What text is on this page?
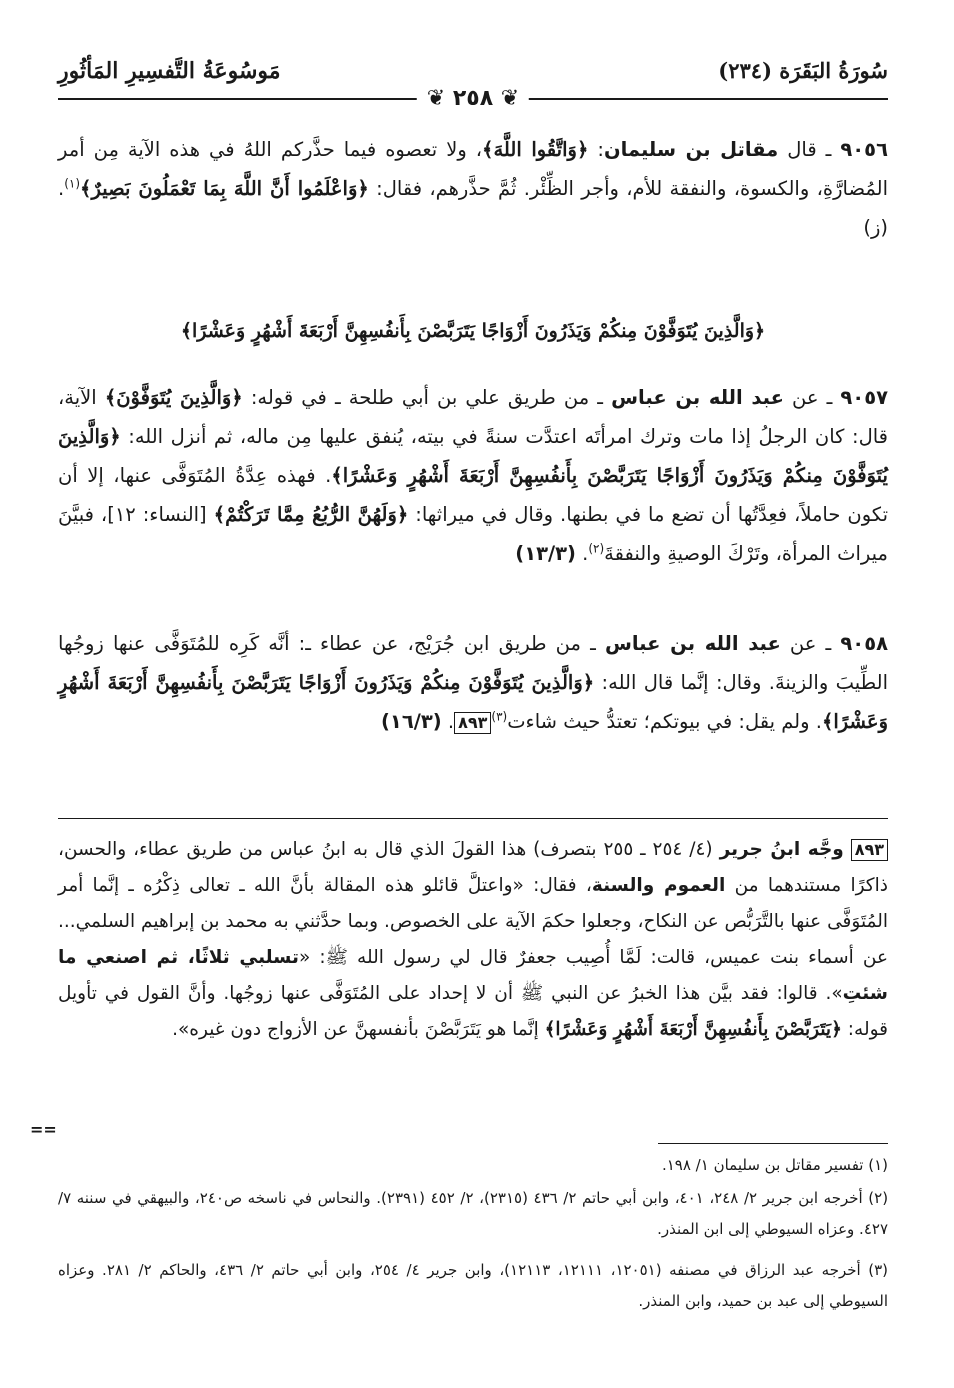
سُورَةُ البَقَرَة (٢٣٤)
مَوسُوعَةُ التَّفسِيرِ المَأثُورِ
❦ ٢٥٨ ❦
٩٠٥٦ ـ قال مقاتل بن سليمان: ﴿وَاتَّقُوا اللَّهَ﴾، ولا تعصوه فيما حذَّركم اللهُ في هذه الآية مِن أمر المُضارَّةِ، والكسوة، والنفقة للأم، وأجر الظِّئْر. ثُمَّ حذَّرهم، فقال: ﴿وَاعْلَمُوا أَنَّ اللَّهَ بِمَا تَعْمَلُونَ بَصِيرٌ﴾$^{(١)}$. (ز)
﴿وَالَّذِينَ يُتَوَفَّوْنَ مِنكُمْ وَيَذَرُونَ أَزْوَاجًا يَتَرَبَّصْنَ بِأَنفُسِهِنَّ أَرْبَعَةَ أَشْهُرٍ وَعَشْرًا﴾
٩٠٥٧ ـ عن عبد الله بن عباس ـ من طريق علي بن أبي طلحة ـ في قوله: ﴿وَالَّذِينَ يُتَوَفَّوْنَ﴾ الآية، قال: كان الرجلُ إذا مات وترك امرأتَه اعتدَّت سنةً في بيته، يُنفق عليها مِن ماله، ثم أنزل الله: ﴿وَالَّذِينَ يُتَوَفَّوْنَ مِنكُمْ وَيَذَرُونَ أَزْوَاجًا يَتَرَبَّصْنَ بِأَنفُسِهِنَّ أَرْبَعَةَ أَشْهُرٍ وَعَشْرًا﴾. فهذه عِدَّةُ المُتَوَفَّى عنها، إلا أن تكون حاملاً، فعِدَّتُها أن تضع ما في بطنها. وقال في ميراثها: ﴿وَلَهُنَّ الرُّبُعُ مِمَّا تَرَكْتُمْ﴾ [النساء: ١٢]، فبيَّنَ ميراث المرأة، وتَرْكَ الوصيةِ والنفقةَ$^{(٢)}$. (١٣/٣)
٩٠٥٨ ـ عن عبد الله بن عباس ـ من طريق ابن جُرَيْج، عن عطاء ـ: أنَّه كَرِه للمُتَوَفَّى عنها زوجُها الطِّيبَ والزينةَ. وقال: إنَّما قال الله: ﴿وَالَّذِينَ يُتَوَفَّوْنَ مِنكُمْ وَيَذَرُونَ أَزْوَاجًا يَتَرَبَّصْنَ بِأَنفُسِهِنَّ أَرْبَعَةَ أَشْهُرٍ وَعَشْرًا﴾. ولم يقل: في بيوتكم؛ تعتدُّ حيث شاءت$^{(٣)}$٨٩٣. (١٦/٣)
٨٩٣ وجَّه ابنُ جرير (٤/ ٢٥٤ ـ ٢٥٥ بتصرف) هذا القولَ الذي قال به ابنُ عباس من طريق عطاء، والحسن، ذاكرًا مستندهما من العموم والسنة، فقال: «واعتلَّ قائلو هذه المقالة بأنَّ الله ـ تعالى ذِكْرُه ـ إنَّما أمر المُتَوَفَّى عنها بالتَّرَبُّص عن النكاح، وجعلوا حكمَ الآية على الخصوص. وبما حدَّثني به محمد بن إبراهيم السلمي... عن أسماء بنت عميس، قالت: لَمَّا أُصِيب جعفرٌ قال لي رسول الله ﷺ: «تسلبي ثلاثًا، ثم اصنعي ما شئتِ». قالوا: فقد بيَّن هذا الخبرُ عن النبي ﷺ أن لا إحداد على المُتَوَفَّى عنها زوجُها. وأنَّ القول في تأويل قوله: ﴿يَتَرَبَّصْنَ بِأَنفُسِهِنَّ أَرْبَعَةَ أَشْهُرٍ وَعَشْرًا﴾ إنَّما هو يَتَرَبَّصْنَ بأنفسهنَّ عن الأزواج دون غيره».
==
(١) تفسير مقاتل بن سليمان ١/ ١٩٨.
(٢) أخرجه ابن جرير ٢/ ٢٤٨، ٤٠١، وابن أبي حاتم ٢/ ٤٣٦ (٢٣١٥)، ٢/ ٤٥٢ (٢٣٩١). والنحاس في ناسخه ص٢٤٠، والبيهقي في سننه ٧/ ٤٢٧. وعزاه السيوطي إلى ابن المنذر.
(٣) أخرجه عبد الرزاق في مصنفه (١٢٠٥١، ١٢١١١، ١٢١١٣)، وابن جرير ٤/ ٢٥٤، وابن أبي حاتم ٢/ ٤٣٦، والحاكم ٢/ ٢٨١. وعزاه السيوطي إلى عبد بن حميد، وابن المنذر.
